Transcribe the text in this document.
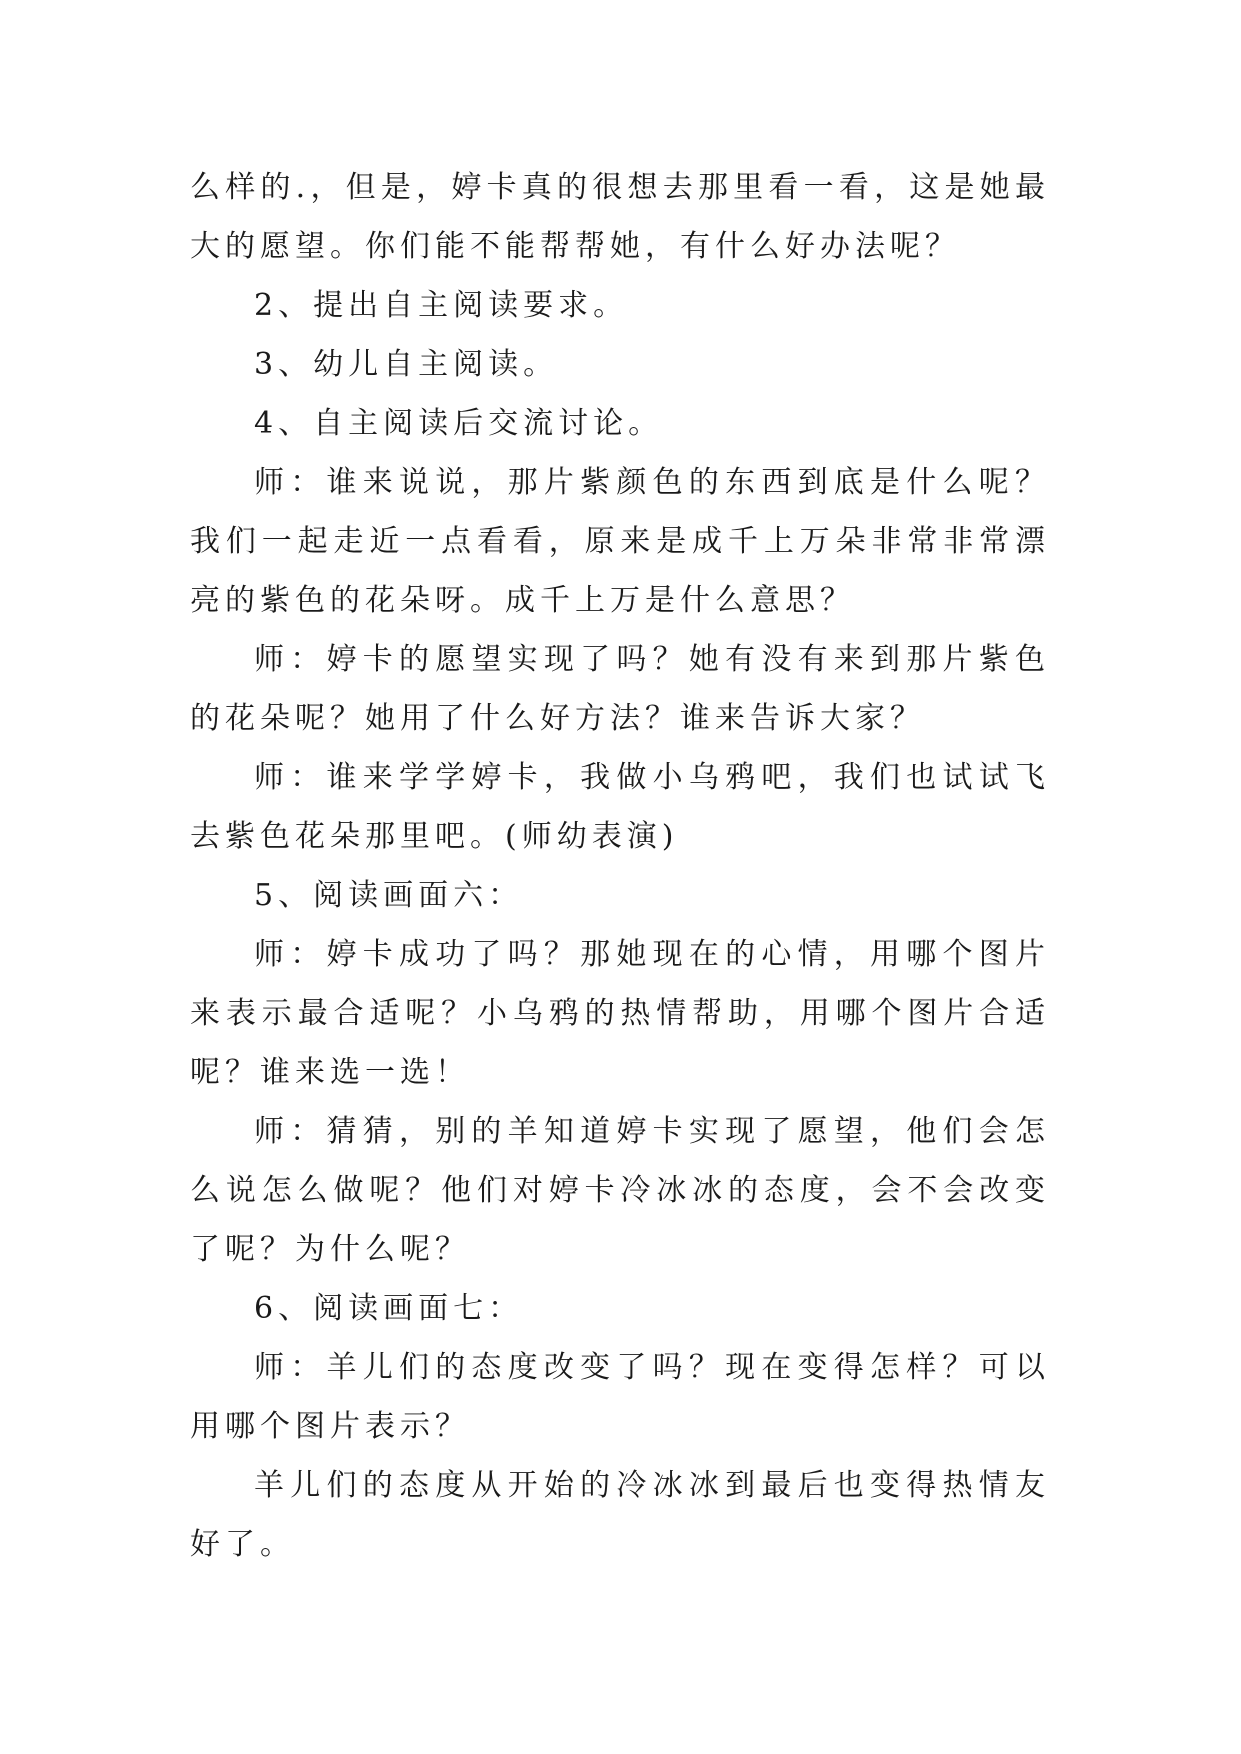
么样的.，但是，婷卡真的很想去那里看一看，这是她最大的愿望。你们能不能帮帮她，有什么好办法呢？

2、提出自主阅读要求。

3、幼儿自主阅读。

4、自主阅读后交流讨论。

师：谁来说说，那片紫颜色的东西到底是什么呢？我们一起走近一点看看，原来是成千上万朵非常非常漂亮的紫色的花朵呀。成千上万是什么意思？

师：婷卡的愿望实现了吗？她有没有来到那片紫色的花朵呢？她用了什么好方法？谁来告诉大家？

师：谁来学学婷卡，我做小乌鸦吧，我们也试试飞去紫色花朵那里吧。(师幼表演)

5、阅读画面六：

师：婷卡成功了吗？那她现在的心情，用哪个图片来表示最合适呢？小乌鸦的热情帮助，用哪个图片合适呢？谁来选一选！

师：猜猜，别的羊知道婷卡实现了愿望，他们会怎么说怎么做呢？他们对婷卡冷冰冰的态度，会不会改变了呢？为什么呢？

6、阅读画面七：

师：羊儿们的态度改变了吗？现在变得怎样？可以用哪个图片表示？

羊儿们的态度从开始的冷冰冰到最后也变得热情友好了。
